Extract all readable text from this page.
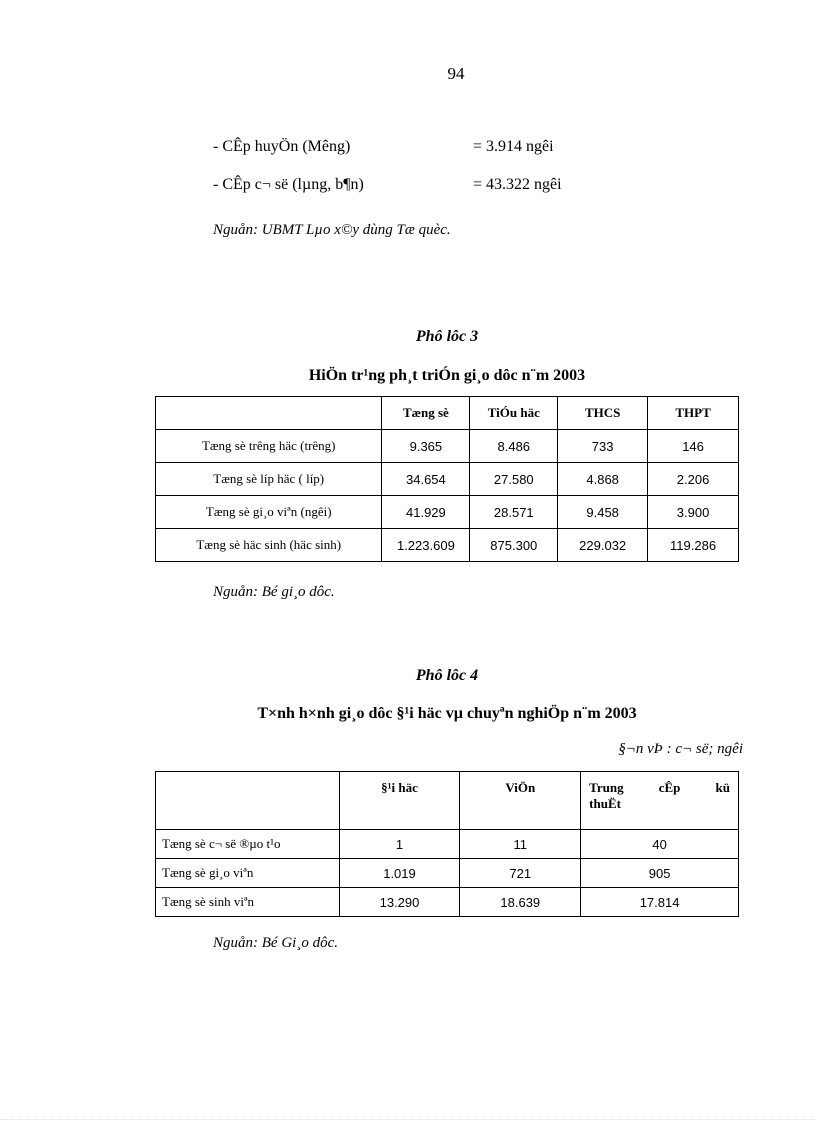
94
- CÊp huyÖn (Mêng)	= 3.914 ngêi
- CÊp c¬ së (lµng, b¶n)	= 43.322 ngêi
Nguån: UBMT Lµo x©y dùng Tæ quèc.
Phô lôc 3
HiÖn tr¹ng ph¸t triÓn gi¸o dôc n¨m 2003
	Tæng sè	TiÓu häc	THCS	THPT
Tæng sè trêng häc (trêng)	9.365	8.486	733	146
Tæng sè líp häc ( líp)	34.654	27.580	4.868	2.206
Tæng sè gi¸o viªn (ngêi)	41.929	28.571	9.458	3.900
Tæng sè häc sinh (häc sinh)	1.223.609	875.300	229.032	119.286
Nguån: Bé gi¸o dôc.
Phô lôc 4
T×nh h×nh gi¸o dôc §¹i häc vµ chuyªn nghiÖp n¨m 2003
§¬n vÞ : c¬ së; ngêi
	§¹i häc	ViÖn	Trung cÊp kü
thuËt

Tæng sè c¬ së ®µo t¹o	1	11	40
Tæng sè gi¸o viªn	1.019	721	905
Tæng sè sinh viªn	13.290	18.639	17.814
Nguån: Bé Gi¸o dôc.
